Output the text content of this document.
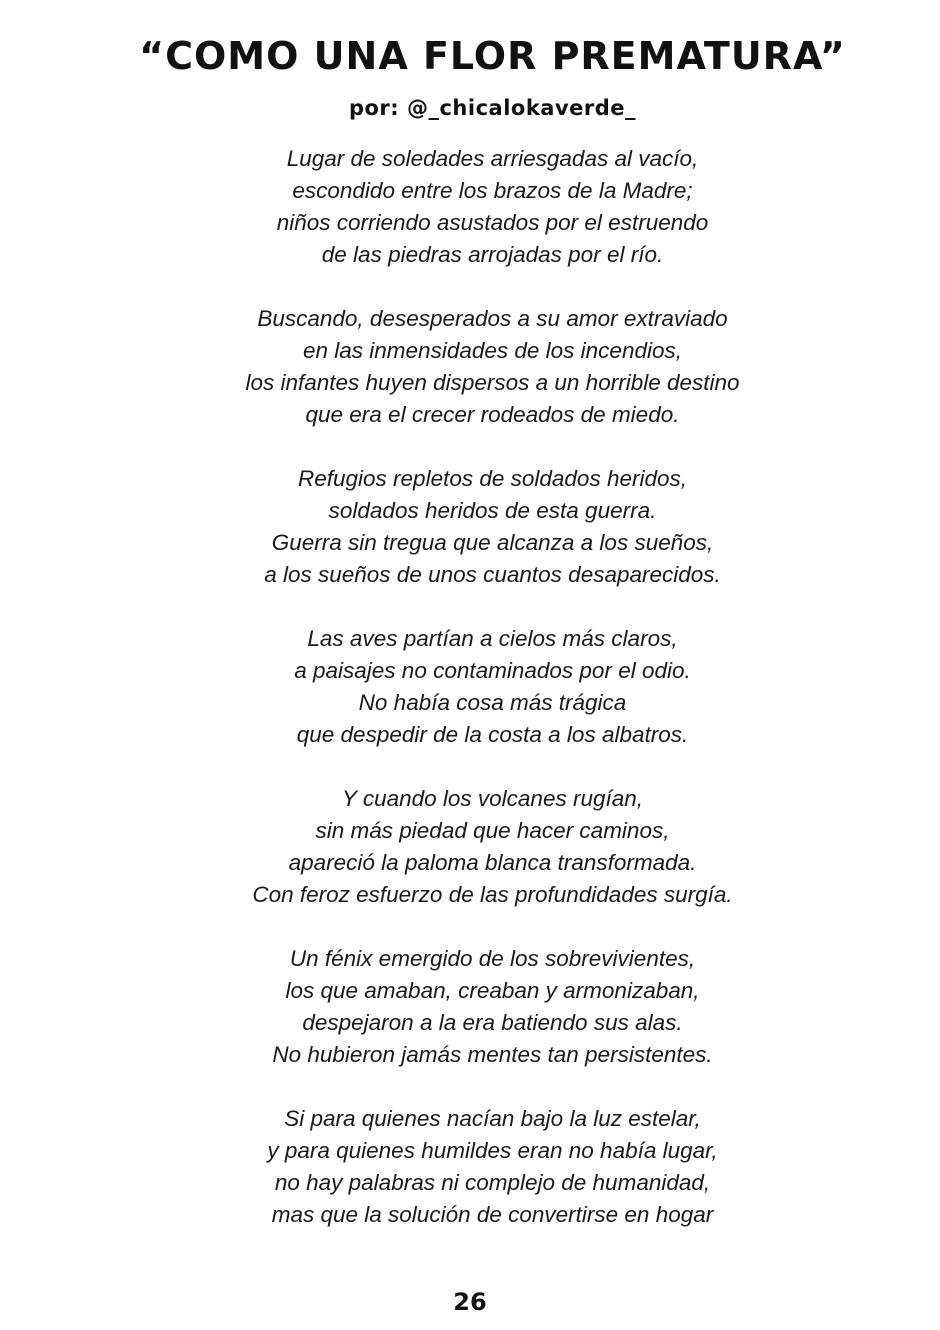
“COMO UNA FLOR PREMATURA”
por: @_chicalokaverde_
Lugar de soledades arriesgadas al vacío,
escondido entre los brazos de la Madre;
niños corriendo asustados por el estruendo
de las piedras arrojadas por el río.
Buscando, desesperados a su amor extraviado
en las inmensidades de los incendios,
los infantes huyen dispersos a un horrible destino
que era el crecer rodeados de miedo.
Refugios repletos de soldados heridos,
soldados heridos de esta guerra.
Guerra sin tregua que alcanza a los sueños,
a los sueños de unos cuantos desaparecidos.
Las aves partían a cielos más claros,
a paisajes no contaminados por el odio.
No había cosa más trágica
que despedir de la costa a los albatros.
Y cuando los volcanes rugían,
sin más piedad que hacer caminos,
apareció la paloma blanca transformada.
Con feroz esfuerzo de las profundidades surgía.
Un fénix emergido de los sobrevivientes,
los que amaban, creaban y armonizaban,
despejaron a la era batiendo sus alas.
No hubieron jamás mentes tan persistentes.
Si para quienes nacían bajo la luz estelar,
y para quienes humildes eran no había lugar,
no hay palabras ni complejo de humanidad,
mas que la solución de convertirse en hogar
26
